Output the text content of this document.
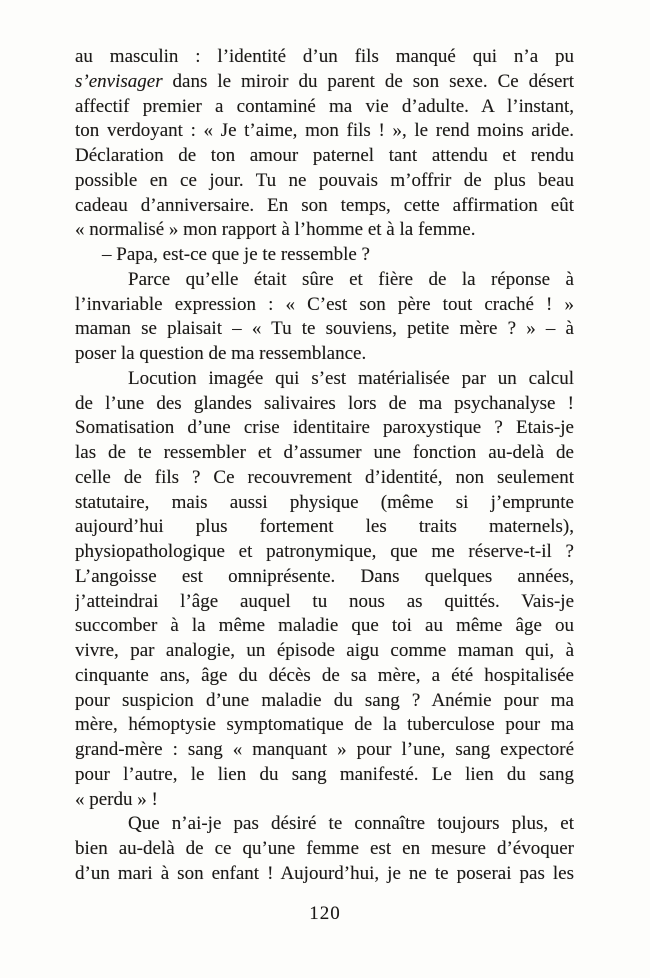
au masculin : l’identité d’un fils manqué qui n’a pu
s’envisager dans le miroir du parent de son sexe. Ce désert
affectif premier a contaminé ma vie d’adulte. A l’instant,
ton verdoyant : « Je t’aime, mon fils ! », le rend moins aride.
Déclaration de ton amour paternel tant attendu et rendu
possible en ce jour. Tu ne pouvais m’offrir de plus beau
cadeau d’anniversaire. En son temps, cette affirmation eût
« normalisé » mon rapport à l’homme et à la femme.
– Papa, est-ce que je te ressemble ?
Parce qu’elle était sûre et fière de la réponse à
l’invariable expression : « C’est son père tout craché ! »
maman se plaisait – « Tu te souviens, petite mère ? » – à
poser la question de ma ressemblance.
Locution imagée qui s’est matérialisée par un calcul
de l’une des glandes salivaires lors de ma psychanalyse !
Somatisation d’une crise identitaire paroxystique ? Etais-je
las de te ressembler et d’assumer une fonction au-delà de
celle de fils ? Ce recouvrement d’identité, non seulement
statutaire, mais aussi physique (même si j’emprunte
aujourd’hui plus fortement les traits maternels),
physiopathologique et patronymique, que me réserve-t-il ?
L’angoisse est omniprésente. Dans quelques années,
j’atteindrai l’âge auquel tu nous as quittés. Vais-je
succomber à la même maladie que toi au même âge ou
vivre, par analogie, un épisode aigu comme maman qui, à
cinquante ans, âge du décès de sa mère, a été hospitalisée
pour suspicion d’une maladie du sang ? Anémie pour ma
mère, hémoptysie symptomatique de la tuberculose pour ma
grand-mère : sang « manquant » pour l’une, sang expectoré
pour l’autre, le lien du sang manifesté. Le lien du sang
« perdu » !
Que n’ai-je pas désiré te connaître toujours plus, et
bien au-delà de ce qu’une femme est en mesure d’évoquer
d’un mari à son enfant ! Aujourd’hui, je ne te poserai pas les
120
